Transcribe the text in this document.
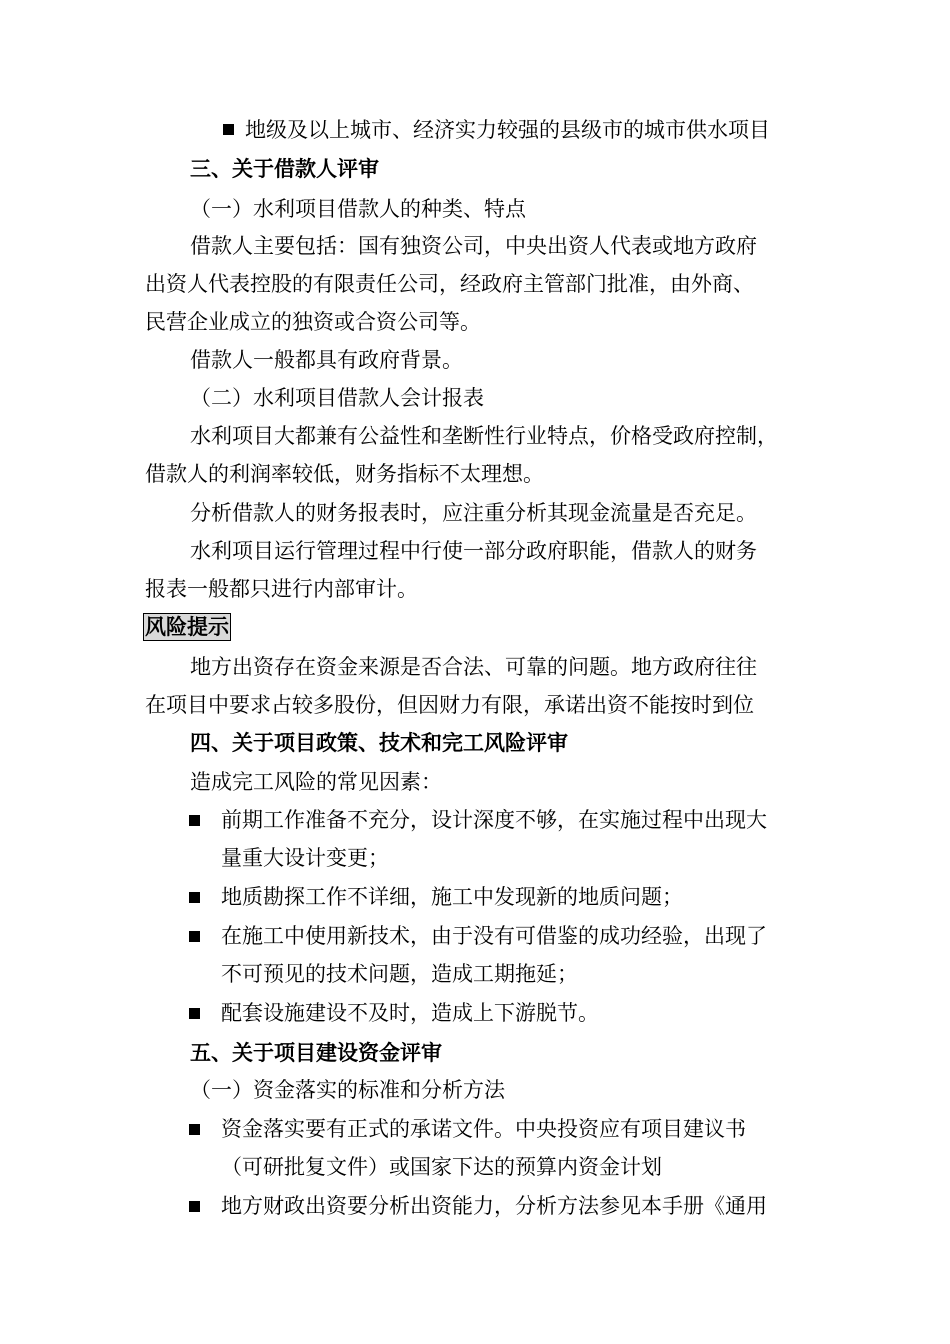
地级及以上城市、经济实力较强的县级市的城市供水项目
三、关于借款人评审
（一）水利项目借款人的种类、特点
借款人主要包括：国有独资公司，中央出资人代表或地方政府
出资人代表控股的有限责任公司，经政府主管部门批准，由外商、
民营企业成立的独资或合资公司等。
借款人一般都具有政府背景。
（二）水利项目借款人会计报表
水利项目大都兼有公益性和垄断性行业特点，价格受政府控制，
借款人的利润率较低，财务指标不太理想。
分析借款人的财务报表时，应注重分析其现金流量是否充足。
水利项目运行管理过程中行使一部分政府职能，借款人的财务
报表一般都只进行内部审计。
风险提示
地方出资存在资金来源是否合法、可靠的问题。地方政府往往
在项目中要求占较多股份，但因财力有限，承诺出资不能按时到位
四、关于项目政策、技术和完工风险评审
造成完工风险的常见因素：
前期工作准备不充分，设计深度不够，在实施过程中出现大
量重大设计变更；
地质勘探工作不详细，施工中发现新的地质问题；
在施工中使用新技术，由于没有可借鉴的成功经验，出现了
不可预见的技术问题，造成工期拖延；
配套设施建设不及时，造成上下游脱节。
五、关于项目建设资金评审
（一）资金落实的标准和分析方法
资金落实要有正式的承诺文件。中央投资应有项目建议书
（可研批复文件）或国家下达的预算内资金计划
地方财政出资要分析出资能力，分析方法参见本手册《通用
